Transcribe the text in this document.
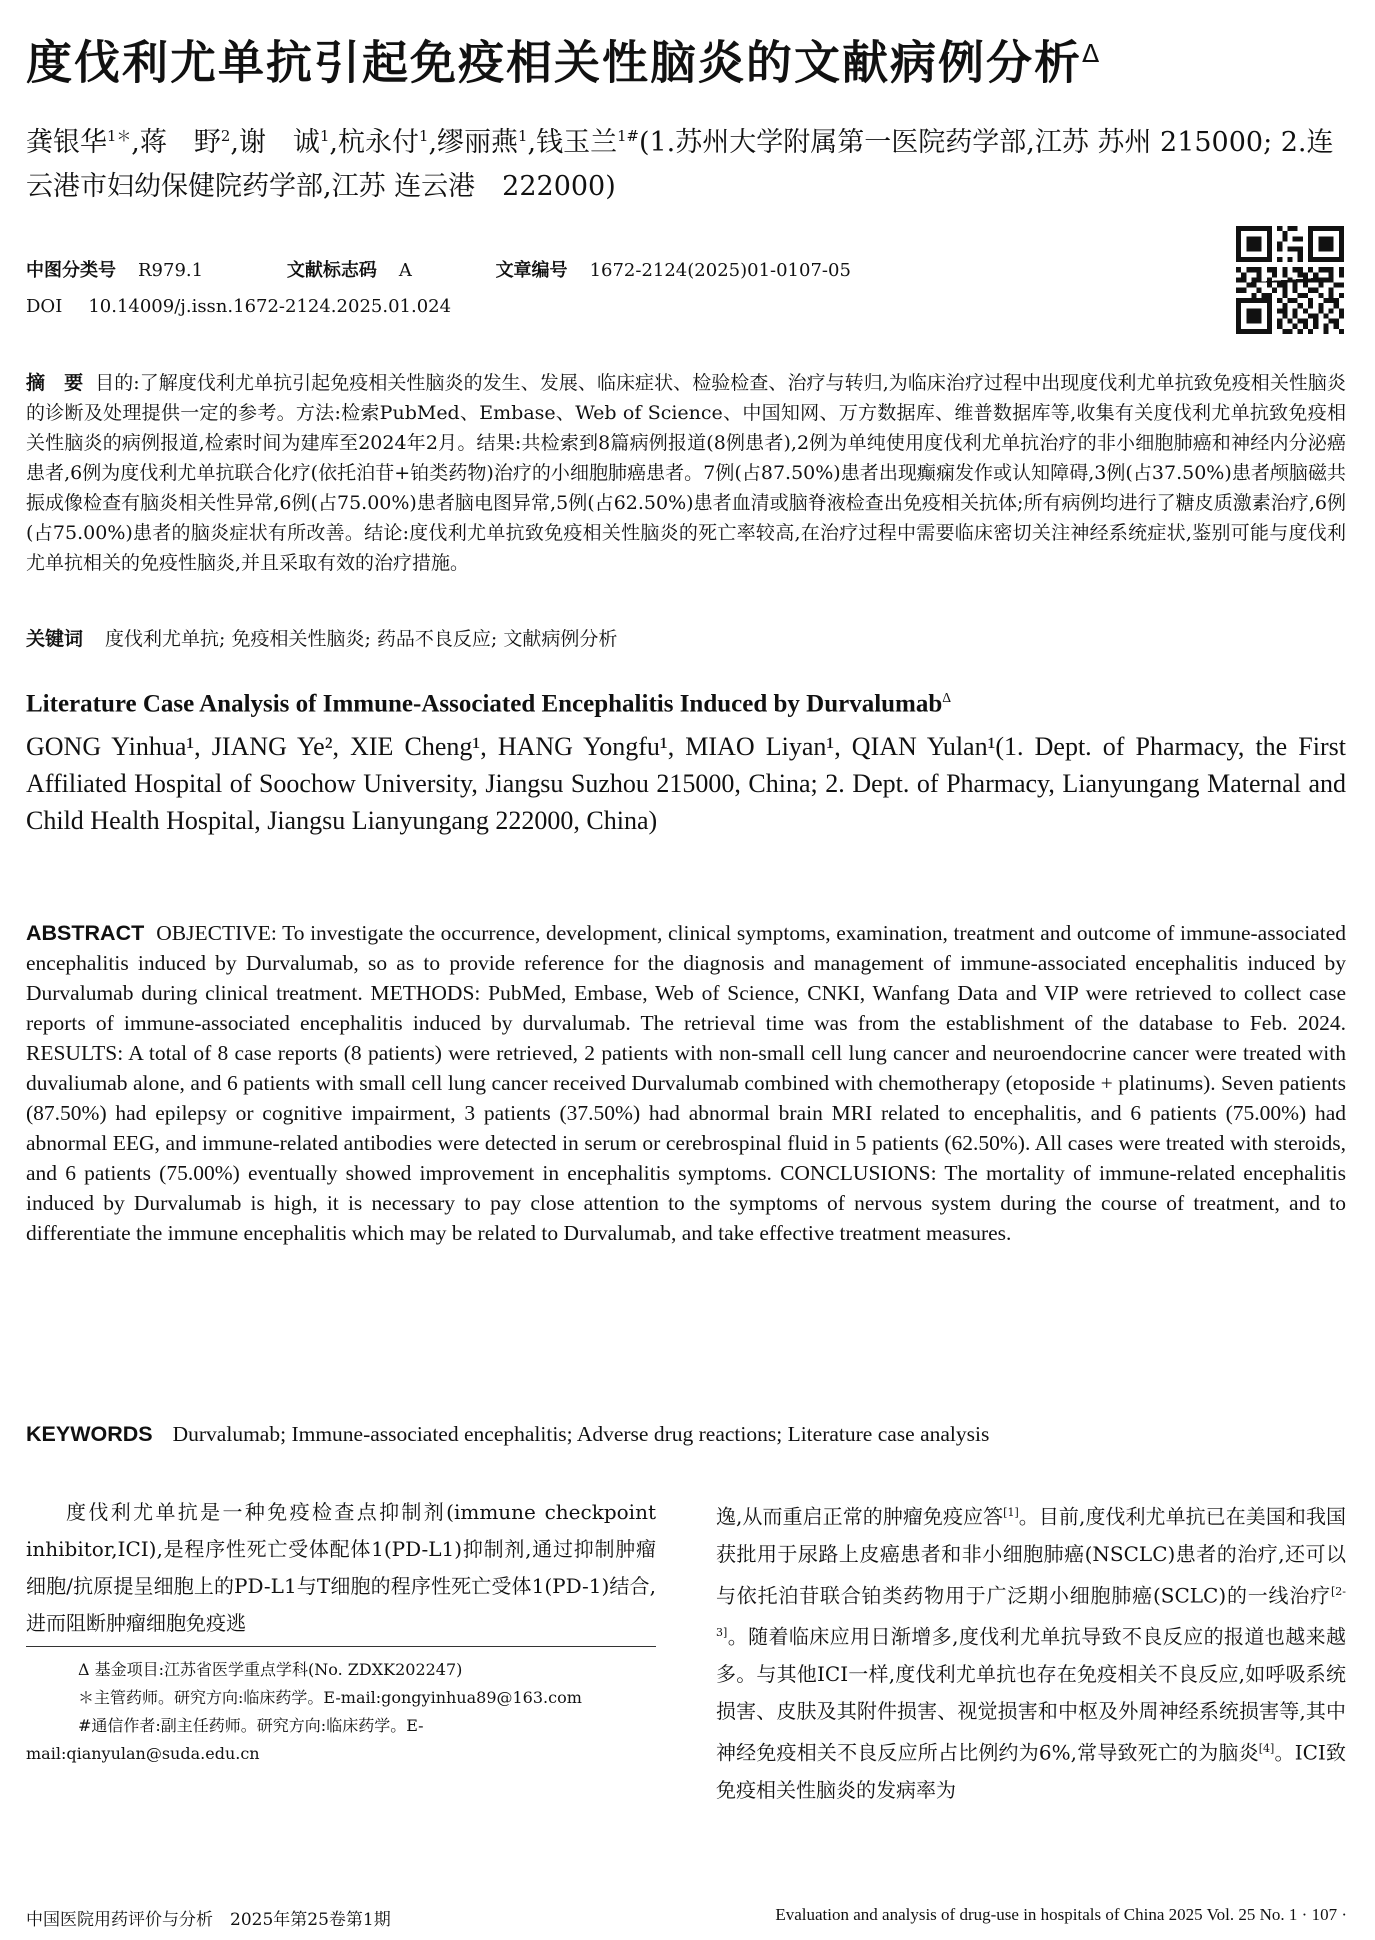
度伐利尤单抗引起免疫相关性脑炎的文献病例分析$^\Delta$
龚银华$^{1*}$,蒋　野$^2$,谢　诚$^1$,杭永付$^1$,缪丽燕$^1$,钱玉兰$^{1\#}$(1.苏州大学附属第一医院药学部,江苏 苏州 215000; 2.连云港市妇幼保健院药学部,江苏 连云港　222000)
中图分类号 R979.1	文献标志码 A	文章编号 1672-2124(2025)01-0107-05
DOI 10.14009/j.issn.1672-2124.2025.01.024
摘　要 目的:了解度伐利尤单抗引起免疫相关性脑炎的发生、发展、临床症状、检验检查、治疗与转归,为临床治疗过程中出现度伐利尤单抗致免疫相关性脑炎的诊断及处理提供一定的参考。方法:检索PubMed、Embase、Web of Science、中国知网、万方数据库、维普数据库等,收集有关度伐利尤单抗致免疫相关性脑炎的病例报道,检索时间为建库至2024年2月。结果:共检索到8篇病例报道(8例患者),2例为单纯使用度伐利尤单抗治疗的非小细胞肺癌和神经内分泌癌患者,6例为度伐利尤单抗联合化疗(依托泊苷+铂类药物)治疗的小细胞肺癌患者。7例(占87.50%)患者出现癫痫发作或认知障碍,3例(占37.50%)患者颅脑磁共振成像检查有脑炎相关性异常,6例(占75.00%)患者脑电图异常,5例(占62.50%)患者血清或脑脊液检查出免疫相关抗体;所有病例均进行了糖皮质激素治疗,6例(占75.00%)患者的脑炎症状有所改善。结论:度伐利尤单抗致免疫相关性脑炎的死亡率较高,在治疗过程中需要临床密切关注神经系统症状,鉴别可能与度伐利尤单抗相关的免疫性脑炎,并且采取有效的治疗措施。
关键词 度伐利尤单抗; 免疫相关性脑炎; 药品不良反应; 文献病例分析
Literature Case Analysis of Immune-Associated Encephalitis Induced by Durvalumab$^\Delta$
GONG Yinhua¹, JIANG Ye², XIE Cheng¹, HANG Yongfu¹, MIAO Liyan¹, QIAN Yulan¹(1. Dept. of Pharmacy, the First Affiliated Hospital of Soochow University, Jiangsu Suzhou 215000, China; 2. Dept. of Pharmacy, Lianyungang Maternal and Child Health Hospital, Jiangsu Lianyungang 222000, China)
ABSTRACT OBJECTIVE: To investigate the occurrence, development, clinical symptoms, examination, treatment and outcome of immune-associated encephalitis induced by Durvalumab, so as to provide reference for the diagnosis and management of immune-associated encephalitis induced by Durvalumab during clinical treatment. METHODS: PubMed, Embase, Web of Science, CNKI, Wanfang Data and VIP were retrieved to collect case reports of immune-associated encephalitis induced by durvalumab. The retrieval time was from the establishment of the database to Feb. 2024. RESULTS: A total of 8 case reports (8 patients) were retrieved, 2 patients with non-small cell lung cancer and neuroendocrine cancer were treated with duvaliumab alone, and 6 patients with small cell lung cancer received Durvalumab combined with chemotherapy (etoposide + platinums). Seven patients (87.50%) had epilepsy or cognitive impairment, 3 patients (37.50%) had abnormal brain MRI related to encephalitis, and 6 patients (75.00%) had abnormal EEG, and immune-related antibodies were detected in serum or cerebrospinal fluid in 5 patients (62.50%). All cases were treated with steroids, and 6 patients (75.00%) eventually showed improvement in encephalitis symptoms. CONCLUSIONS: The mortality of immune-related encephalitis induced by Durvalumab is high, it is necessary to pay close attention to the symptoms of nervous system during the course of treatment, and to differentiate the immune encephalitis which may be related to Durvalumab, and take effective treatment measures.
KEYWORDS Durvalumab; Immune-associated encephalitis; Adverse drug reactions; Literature case analysis

度伐利尤单抗是一种免疫检查点抑制剂(immune checkpoint inhibitor,ICI),是程序性死亡受体配体1(PD-L1)抑制剂,通过抑制肿瘤细胞/抗原提呈细胞上的PD-L1与T细胞的程序性死亡受体1(PD-1)结合,进而阻断肿瘤细胞免疫逃

Δ 基金项目:江苏省医学重点学科(No. ZDXK202247)

＊主管药师。研究方向:临床药学。E-mail:gongyinhua89@163.com

#通信作者:副主任药师。研究方向:临床药学。E-mail:qianyulan@suda.edu.cn

逸,从而重启正常的肿瘤免疫应答[1]。目前,度伐利尤单抗已在美国和我国获批用于尿路上皮癌患者和非小细胞肺癌(NSCLC)患者的治疗,还可以与依托泊苷联合铂类药物用于广泛期小细胞肺癌(SCLC)的一线治疗[2-3]。随着临床应用日渐增多,度伐利尤单抗导致不良反应的报道也越来越多。与其他ICI一样,度伐利尤单抗也存在免疫相关不良反应,如呼吸系统损害、皮肤及其附件损害、视觉损害和中枢及外周神经系统损害等,其中神经免疫相关不良反应所占比例约为6%,常导致死亡的为脑炎[4]。ICI致免疫相关性脑炎的发病率为

中国医院用药评价与分析　2025年第25卷第1期	Evaluation and analysis of drug-use in hospitals of China 2025 Vol. 25 No. 1 · 107 ·
